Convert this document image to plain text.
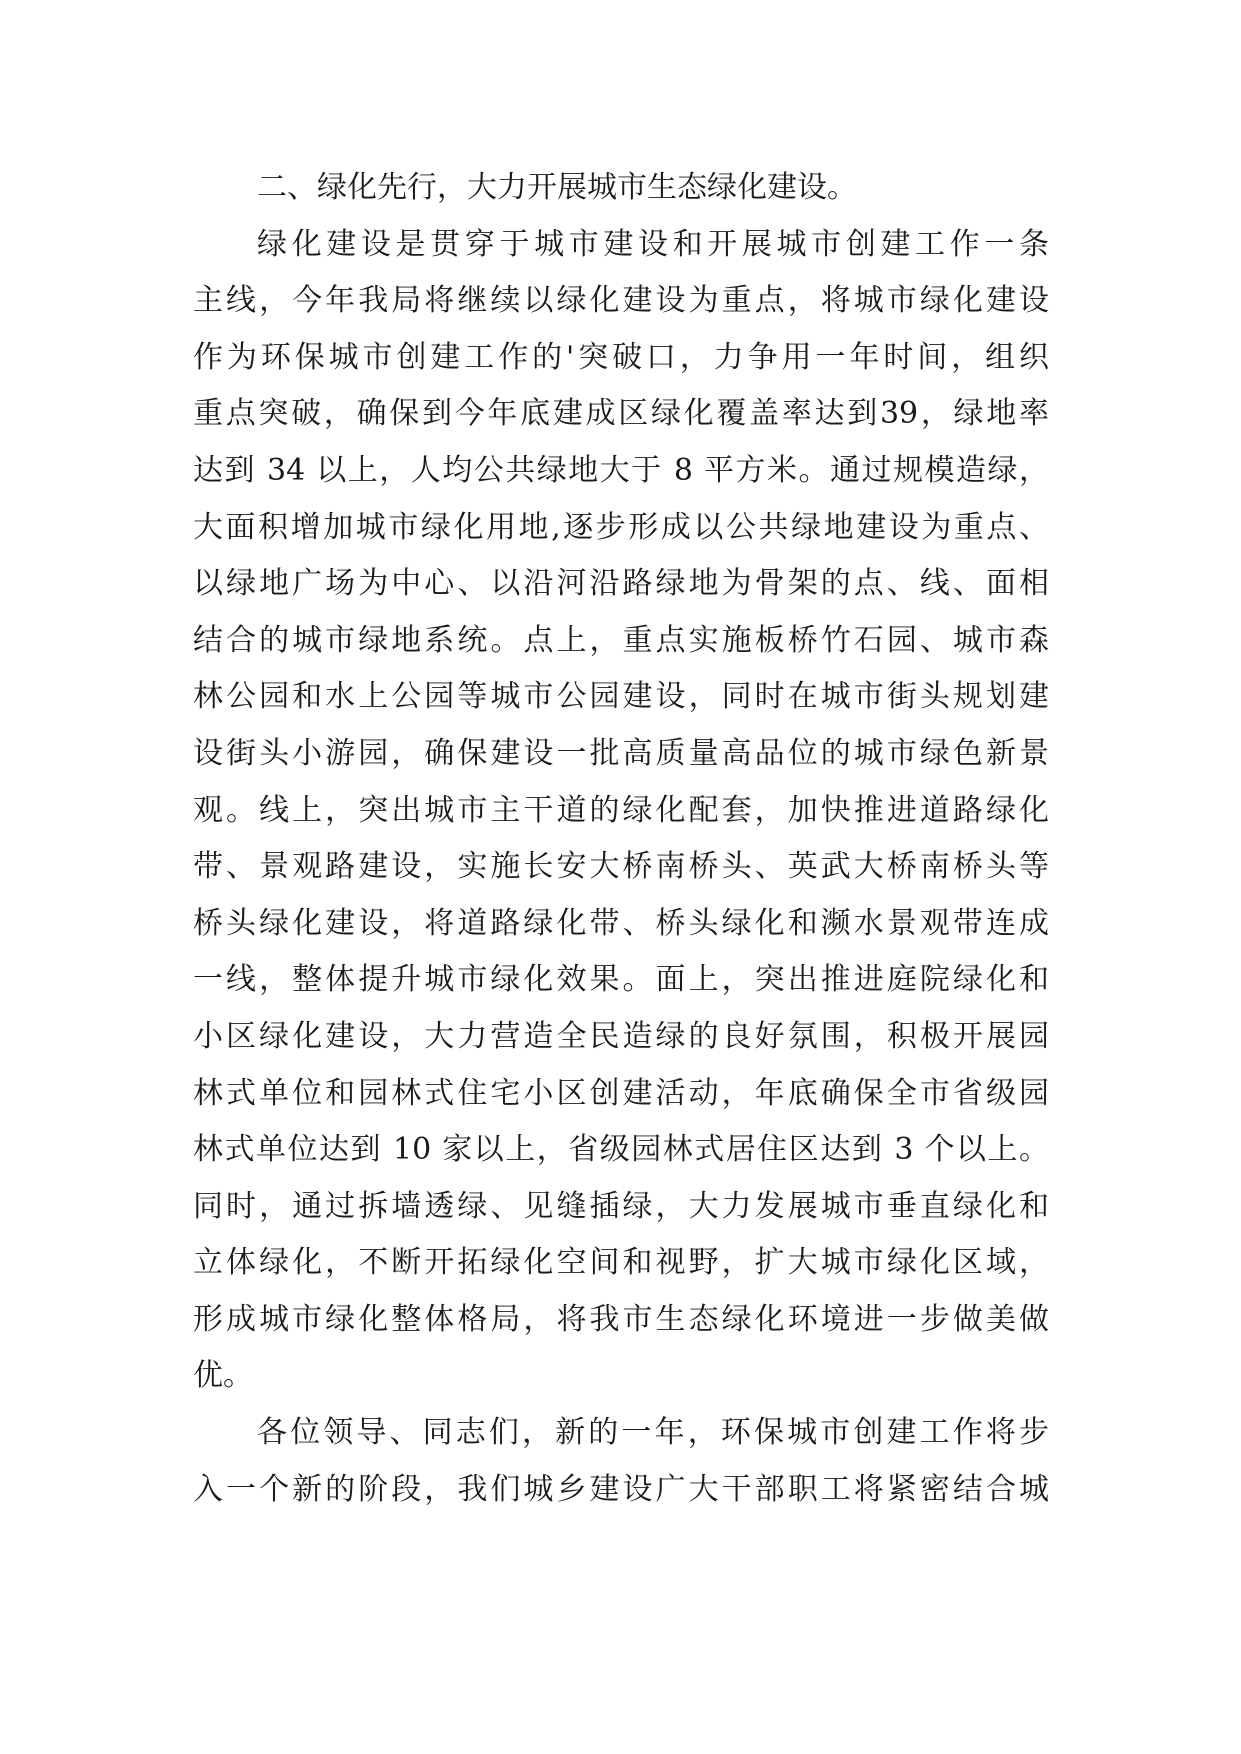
二、绿化先行，大力开展城市生态绿化建设。

绿化建设是贯穿于城市建设和开展城市创建工作一条
主线，今年我局将继续以绿化建设为重点，将城市绿化建设
作为环保城市创建工作的'突破口，力争用一年时间，组织
重点突破，确保到今年底建成区绿化覆盖率达到39，绿地率
达到 34 以上，人均公共绿地大于 8 平方米。通过规模造绿，
大面积增加城市绿化用地,逐步形成以公共绿地建设为重点、
以绿地广场为中心、以沿河沿路绿地为骨架的点、线、面相
结合的城市绿地系统。点上，重点实施板桥竹石园、城市森
林公园和水上公园等城市公园建设，同时在城市街头规划建
设街头小游园，确保建设一批高质量高品位的城市绿色新景
观。线上，突出城市主干道的绿化配套，加快推进道路绿化
带、景观路建设，实施长安大桥南桥头、英武大桥南桥头等
桥头绿化建设，将道路绿化带、桥头绿化和濒水景观带连成
一线，整体提升城市绿化效果。面上，突出推进庭院绿化和
小区绿化建设，大力营造全民造绿的良好氛围，积极开展园
林式单位和园林式住宅小区创建活动，年底确保全市省级园
林式单位达到 10 家以上，省级园林式居住区达到 3 个以上。
同时，通过拆墙透绿、见缝插绿，大力发展城市垂直绿化和
立体绿化，不断开拓绿化空间和视野，扩大城市绿化区域，
形成城市绿化整体格局，将我市生态绿化环境进一步做美做
优。

各位领导、同志们，新的一年，环保城市创建工作将步
入一个新的阶段，我们城乡建设广大干部职工将紧密结合城
